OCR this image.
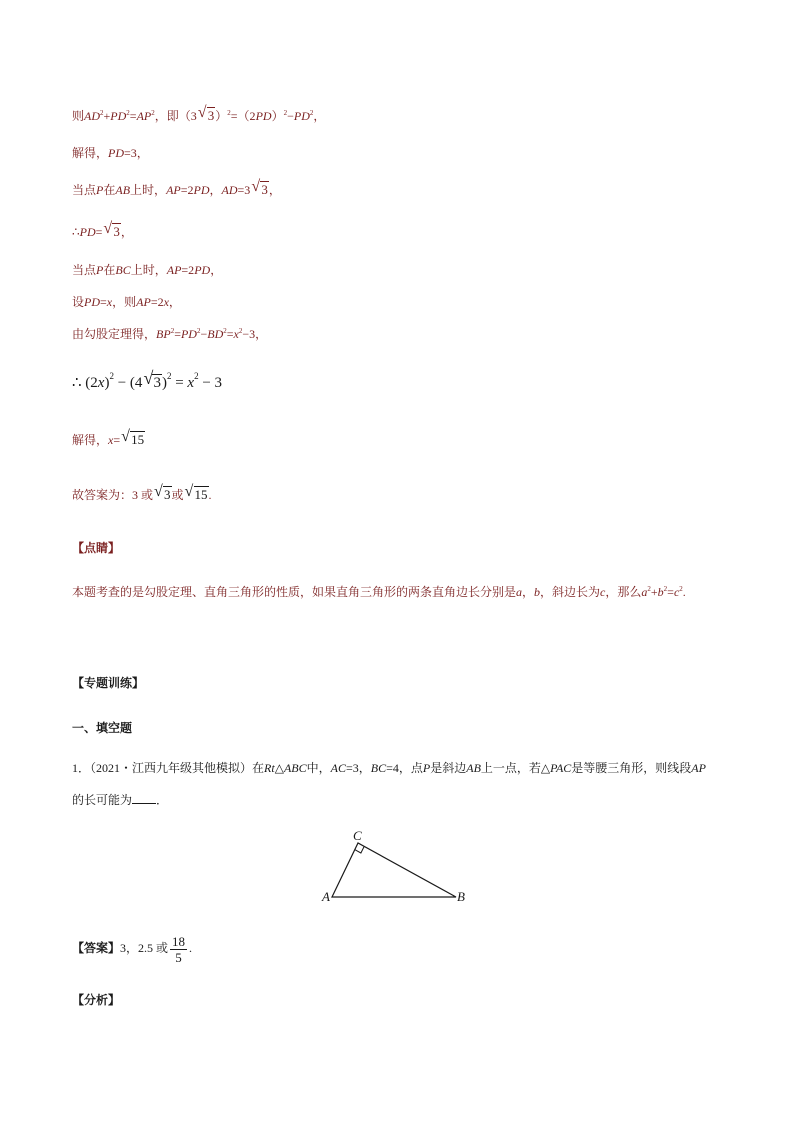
则$AD^2+PD^2=AP^2$，即（3 √ $3)^2=(2PD)^2-PD^2$，
解得，PD=3，
当点P在AB上时，AP=2PD，AD=3 √ 3，
∴PD= √ 3，
当点P在BC上时，AP=2PD，
设PD=x，则AP=2x，
由勾股定理得，$BP^2=PD^2-BD^2=x^2-3$，
∴ $(2x)^2 - (4$ √ $3)^2 = x^2 - 3$
解得，x= √ 15
故答案为：3 或 √ 3或 √ 15.
【点睛】
本题考查的是勾股定理、直角三角形的性质，如果直角三角形的两条直角边长分别是a，b，斜边长为c，那么$a^2+b^2=c^2$.
【专题训练】
一、填空题
1．（2021・江西九年级其他模拟）在Rt△ABC中，AC=3，BC=4，点P是斜边AB上一点，若△PAC是等腰三角形，则线段AP
的长可能为 ．
C
A	B
【答案】3，2.5 或 $\frac{18}{5}$ .
【分析】
